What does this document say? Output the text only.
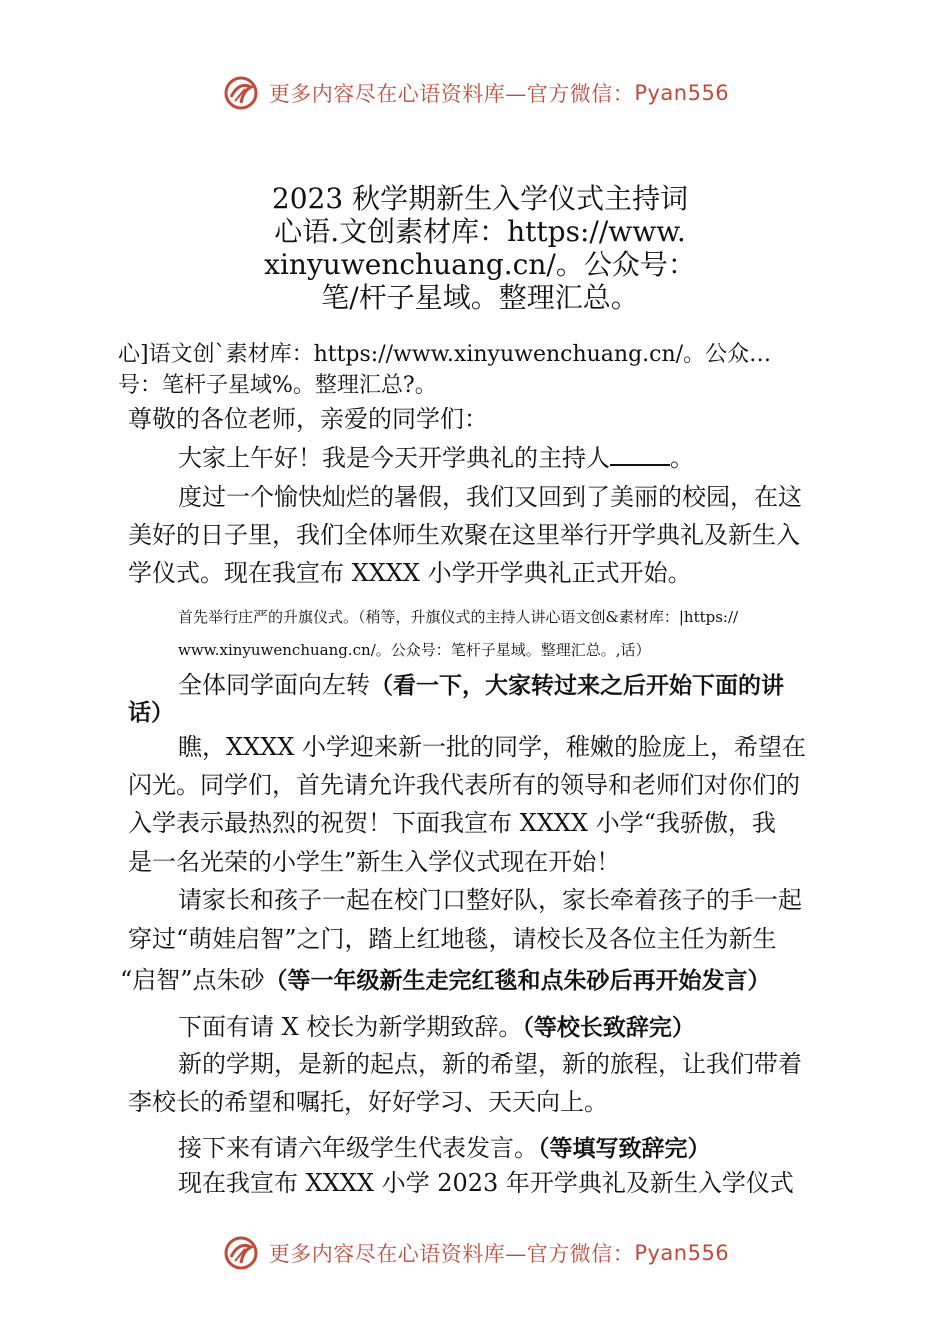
更多内容尽在心语资料库—官方微信： Pyan556
2023 秋学期新生入学仪式主持词
心语.文创素材库：https://www.
xinyuwenchuang.cn/。公众号：
笔/杆子星域。整理汇总。
心]语文创`素材库：https://www.xinyuwenchuang.cn/。公众…
号：笔杆子星域%。整理汇总?。
尊敬的各位老师，亲爱的同学们：
大家上午好！我是今天开学典礼的主持人	。
度过一个愉快灿烂的暑假，我们又回到了美丽的校园，在这
美好的日子里，我们全体师生欢聚在这里举行开学典礼及新生入
学仪式。现在我宣布 XXXX 小学开学典礼正式开始。
首先举行庄严的升旗仪式。（稍等，升旗仪式的主持人讲心语文创&素材库：|https://
www.xinyuwenchuang.cn/。公众号：笔杆子星域。整理汇总。,话）
全体同学面向左转（看一下，大家转过来之后开始下面的讲
话）
瞧，XXXX 小学迎来新一批的同学，稚嫩的脸庞上，希望在
闪光。同学们，首先请允许我代表所有的领导和老师们对你们的
入学表示最热烈的祝贺！下面我宣布 XXXX 小学“我骄傲，我
是一名光荣的小学生”新生入学仪式现在开始！
请家长和孩子一起在校门口整好队，家长牵着孩子的手一起
穿过“萌娃启智”之门，踏上红地毯，请校长及各位主任为新生
“启智”点朱砂（等一年级新生走完红毯和点朱砂后再开始发言）
下面有请 X 校长为新学期致辞。（等校长致辞完）
新的学期，是新的起点，新的希望，新的旅程，让我们带着
李校长的希望和嘱托，好好学习、天天向上。
接下来有请六年级学生代表发言。（等填写致辞完）
现在我宣布 XXXX 小学 2023 年开学典礼及新生入学仪式
更多内容尽在心语资料库—官方微信： Pyan556
